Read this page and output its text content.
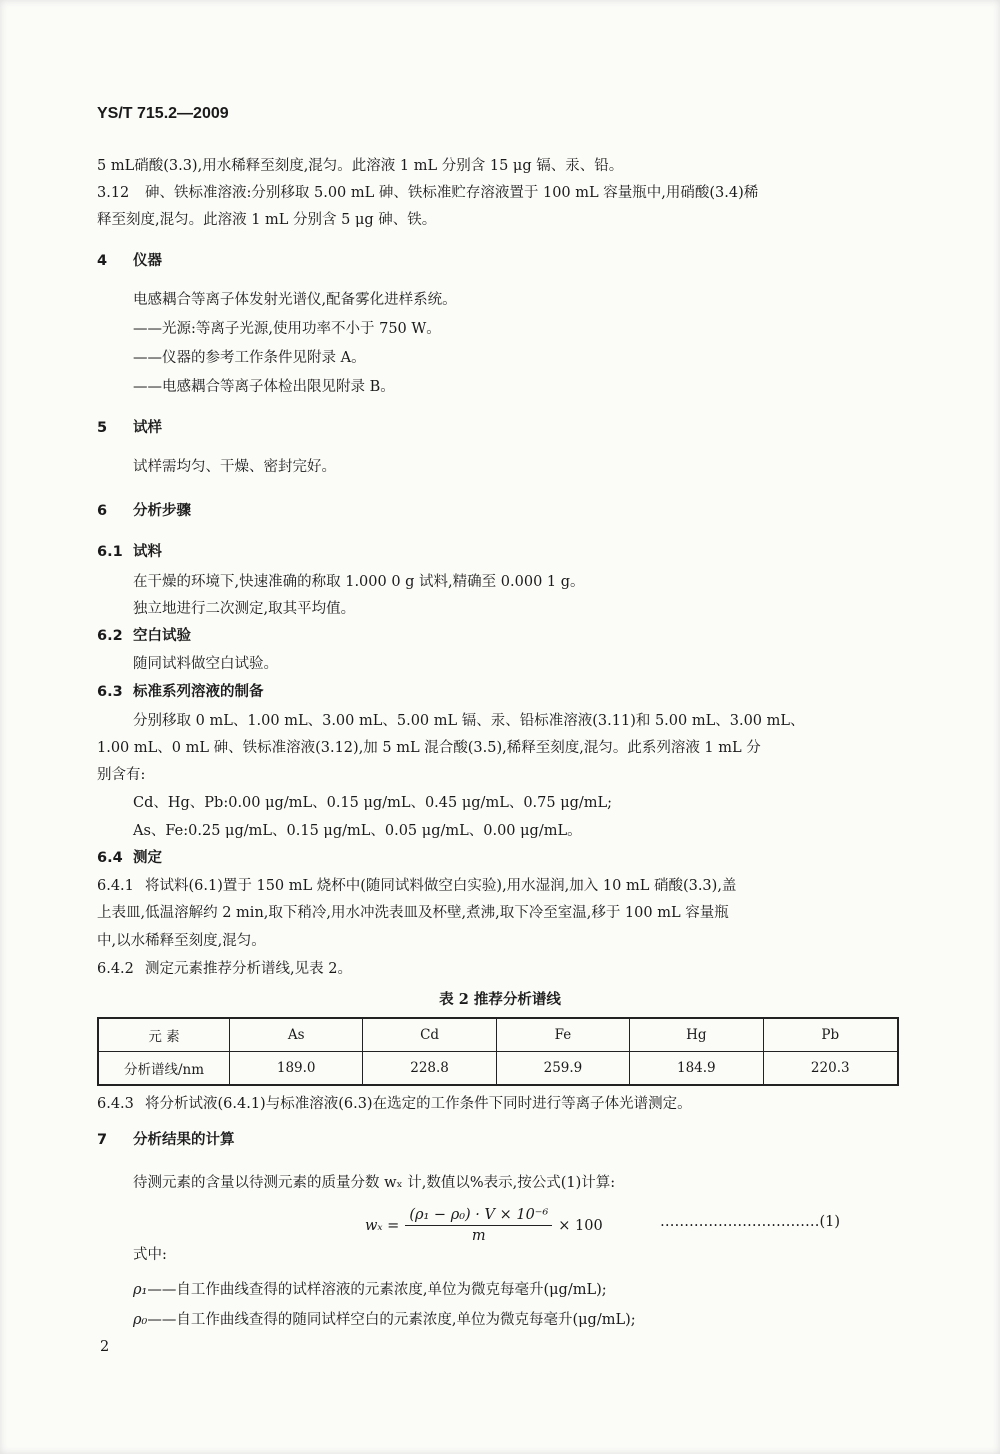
YS/T 715.2—2009
5 mL硝酸(3.3),用水稀释至刻度,混匀。此溶液 1 mL 分别含 15 μg 镉、汞、铅。
3.12 砷、铁标准溶液:分别移取 5.00 mL 砷、铁标准贮存溶液置于 100 mL 容量瓶中,用硝酸(3.4)稀
释至刻度,混匀。此溶液 1 mL 分别含 5 μg 砷、铁。
4 仪器
电感耦合等离子体发射光谱仪,配备雾化进样系统。
——光源:等离子光源,使用功率不小于 750 W。
——仪器的参考工作条件见附录 A。
——电感耦合等离子体检出限见附录 B。
5 试样
试样需均匀、干燥、密封完好。
6 分析步骤
6.1 试料
在干燥的环境下,快速准确的称取 1.000 0 g 试料,精确至 0.000 1 g。
独立地进行二次测定,取其平均值。
6.2 空白试验
随同试料做空白试验。
6.3 标准系列溶液的制备
分别移取 0 mL、1.00 mL、3.00 mL、5.00 mL 镉、汞、铅标准溶液(3.11)和 5.00 mL、3.00 mL、
1.00 mL、0 mL 砷、铁标准溶液(3.12),加 5 mL 混合酸(3.5),稀释至刻度,混匀。此系列溶液 1 mL 分
别含有:
Cd、Hg、Pb:0.00 μg/mL、0.15 μg/mL、0.45 μg/mL、0.75 μg/mL;
As、Fe:0.25 μg/mL、0.15 μg/mL、0.05 μg/mL、0.00 μg/mL。
6.4 测定
6.4.1 将试料(6.1)置于 150 mL 烧杯中(随同试料做空白实验),用水湿润,加入 10 mL 硝酸(3.3),盖
上表皿,低温溶解约 2 min,取下稍冷,用水冲洗表皿及杯壁,煮沸,取下冷至室温,移于 100 mL 容量瓶
中,以水稀释至刻度,混匀。
6.4.2 测定元素推荐分析谱线,见表 2。
表 2 推荐分析谱线
元 素	As	Cd	Fe	Hg	Pb
分析谱线/nm	189.0	228.8	259.9	184.9	220.3
6.4.3 将分析试液(6.4.1)与标准溶液(6.3)在选定的工作条件下同时进行等离子体光谱测定。
7 分析结果的计算
待测元素的含量以待测元素的质量分数 wₓ 计,数值以%表示,按公式(1)计算:
$w_x = \frac{\text{(ρ₁ − ρ₀) · V × 10⁻⁶}}{m} \times 100$	……………………………(1)
式中:
ρ₁——自工作曲线查得的试样溶液的元素浓度,单位为微克每毫升(μg/mL);
ρ₀——自工作曲线查得的随同试样空白的元素浓度,单位为微克每毫升(μg/mL);
2
